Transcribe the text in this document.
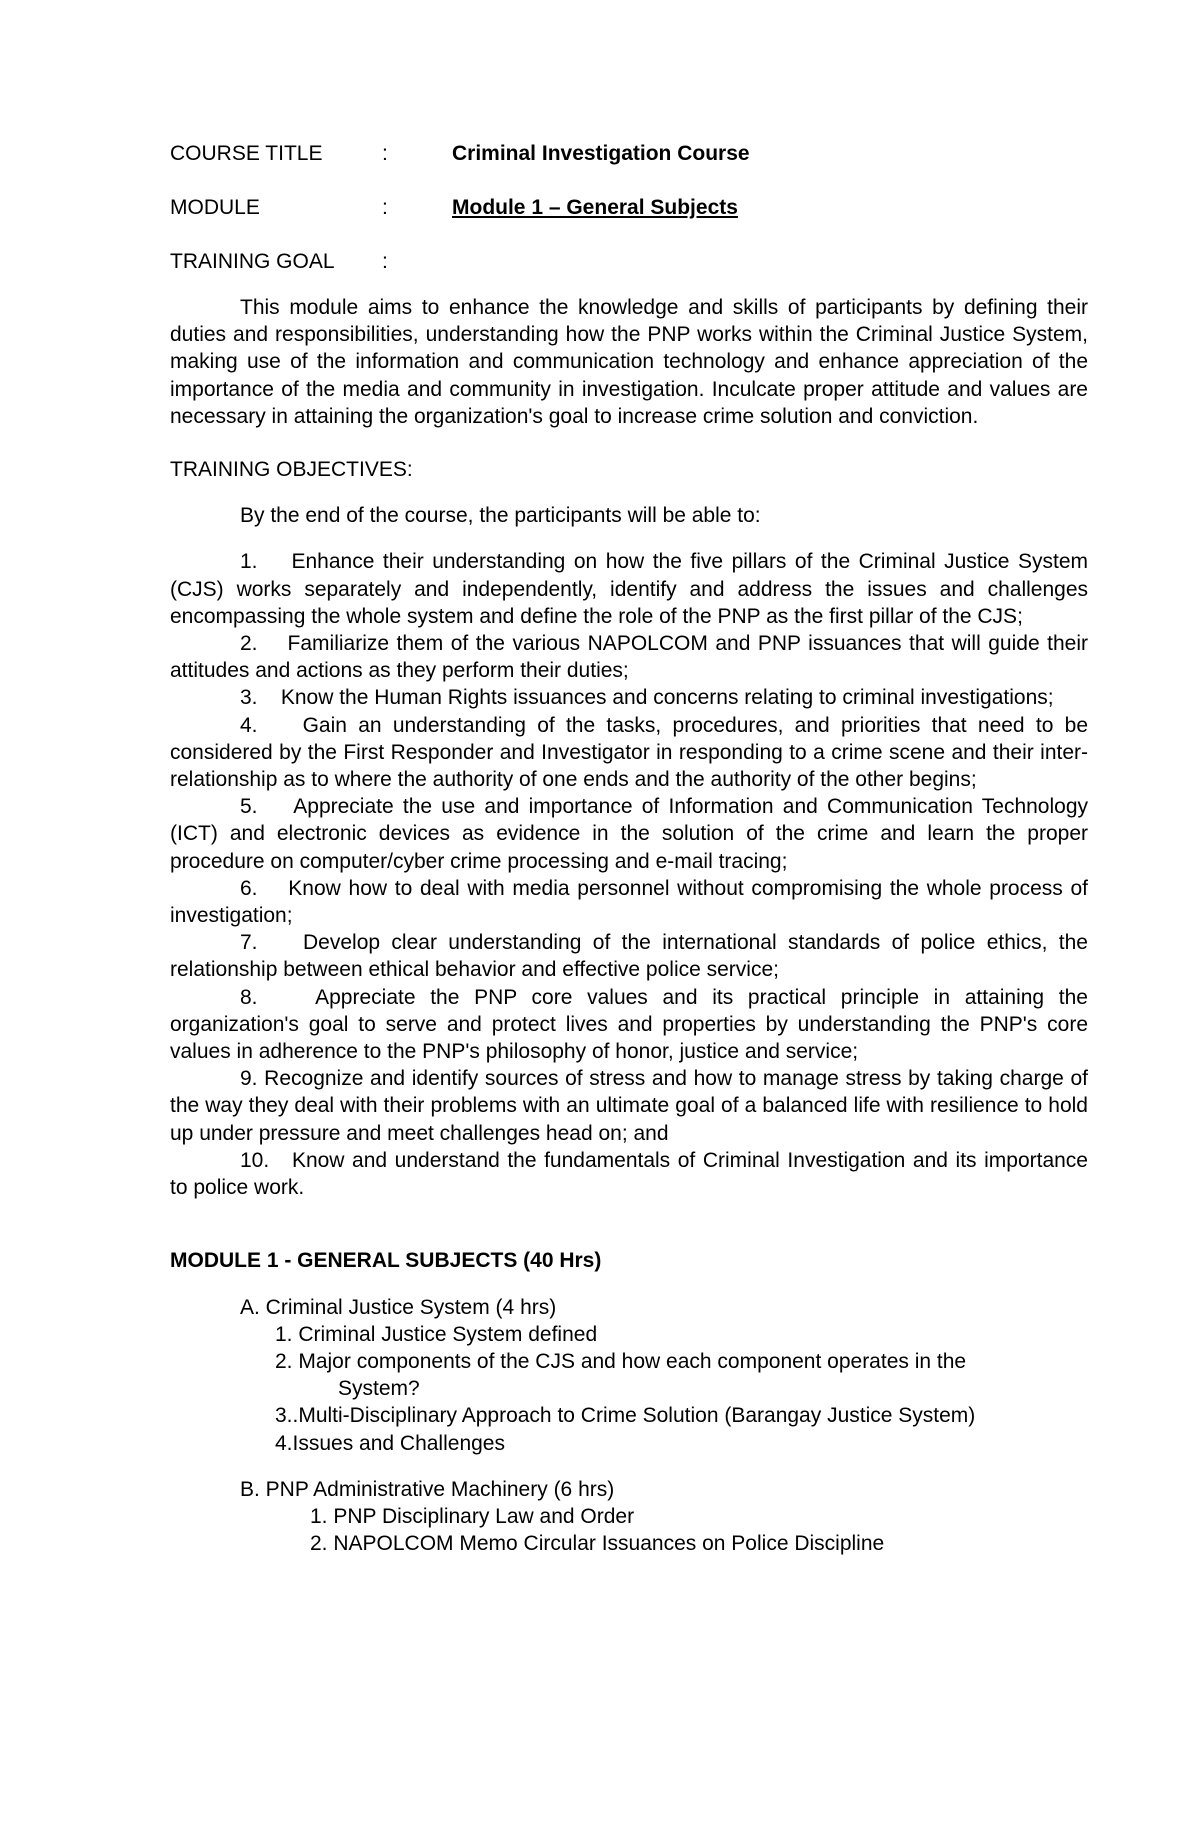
COURSE TITLE	:	Criminal Investigation Course
MODULE	:	Module 1 – General Subjects
TRAINING GOAL	:

This module aims to enhance the knowledge and skills of participants by defining their duties and responsibilities, understanding how the PNP works within the Criminal Justice System, making use of the information and communication technology and enhance appreciation of the importance of the media and community in investigation. Inculcate proper attitude and values are necessary in attaining the organization's goal to increase crime solution and conviction.

TRAINING OBJECTIVES:

By the end of the course, the participants will be able to:

1. Enhance their understanding on how the five pillars of the Criminal Justice System (CJS) works separately and independently, identify and address the issues and challenges encompassing the whole system and define the role of the PNP as the first pillar of the CJS;

2. Familiarize them of the various NAPOLCOM and PNP issuances that will guide their attitudes and actions as they perform their duties;

3. Know the Human Rights issuances and concerns relating to criminal investigations;

4. Gain an understanding of the tasks, procedures, and priorities that need to be considered by the First Responder and Investigator in responding to a crime scene and their inter-relationship as to where the authority of one ends and the authority of the other begins;

5. Appreciate the use and importance of Information and Communication Technology (ICT) and electronic devices as evidence in the solution of the crime and learn the proper procedure on computer/cyber crime processing and e-mail tracing;

6. Know how to deal with media personnel without compromising the whole process of investigation;

7. Develop clear understanding of the international standards of police ethics, the relationship between ethical behavior and effective police service;

8.	Appreciate the PNP core values and its practical principle in attaining the organization's goal to serve and protect lives and properties by understanding the PNP's core values in adherence to the PNP's philosophy of honor, justice and service;

9. Recognize and identify sources of stress and how to manage stress by taking charge of the way they deal with their problems with an ultimate goal of a balanced life with resilience to hold up under pressure and meet challenges head on; and

10. Know and understand the fundamentals of Criminal Investigation and its importance to police work.

MODULE 1 - GENERAL SUBJECTS (40 Hrs)

A. Criminal Justice System (4 hrs)

1. Criminal Justice System defined

2. Major components of the CJS and how each component operates in the

System?

3..Multi-Disciplinary Approach to Crime Solution (Barangay Justice System)

4.Issues and Challenges

B. PNP Administrative Machinery (6 hrs)

1. PNP Disciplinary Law and Order

2. NAPOLCOM Memo Circular Issuances on Police Discipline
